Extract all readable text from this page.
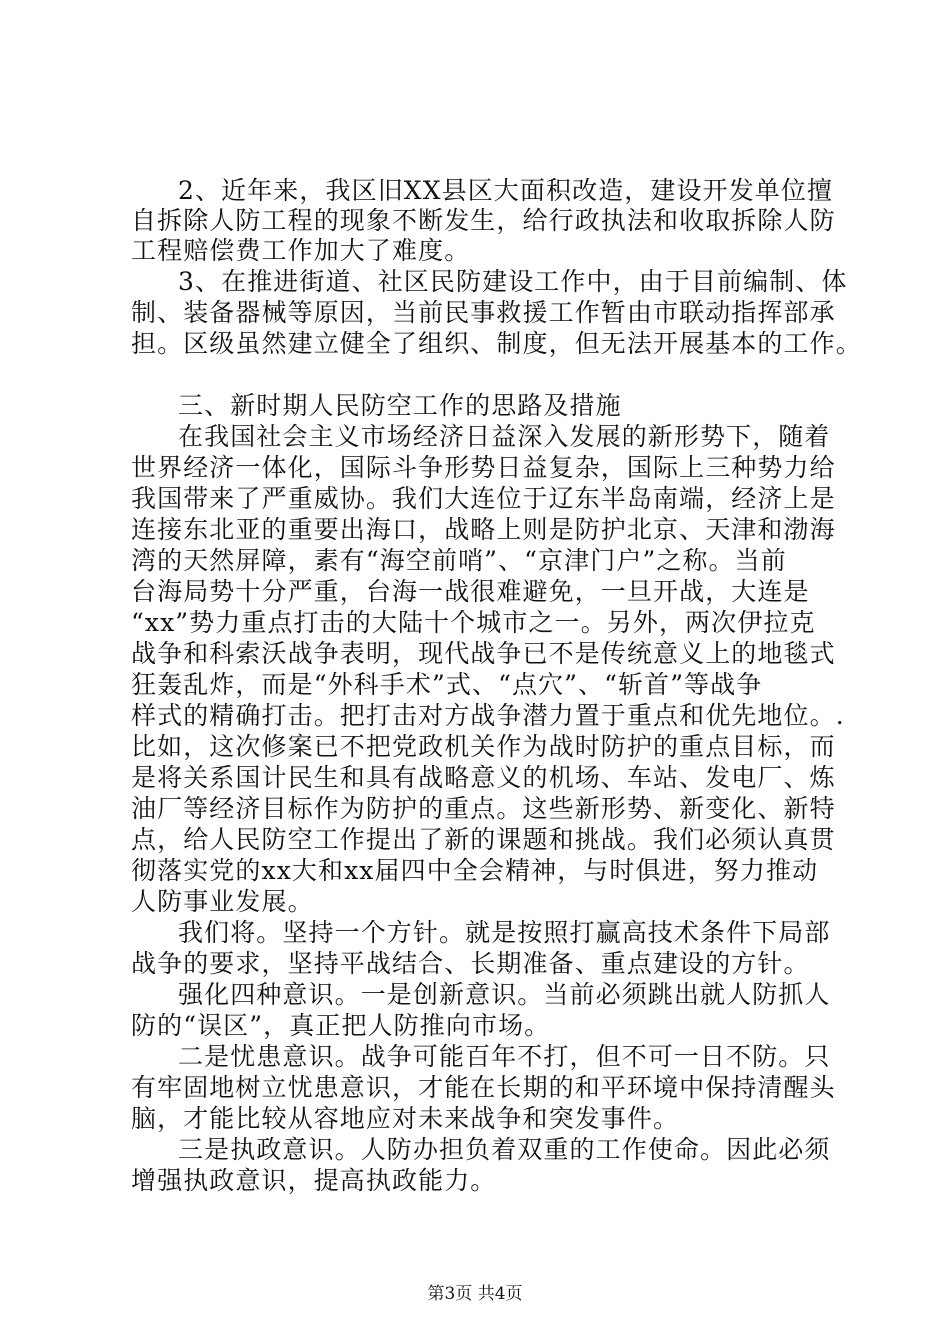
2、近年来，我区旧XX县区大面积改造，建设开发单位擅
自拆除人防工程的现象不断发生，给行政执法和收取拆除人防
工程赔偿费工作加大了难度。
3、在推进街道、社区民防建设工作中，由于目前编制、体
制、装备器械等原因，当前民事救援工作暂由市联动指挥部承
担。区级虽然建立健全了组织、制度，但无法开展基本的工作。
三、新时期人民防空工作的思路及措施
在我国社会主义市场经济日益深入发展的新形势下，随着
世界经济一体化，国际斗争形势日益复杂，国际上三种势力给
我国带来了严重威协。我们大连位于辽东半岛南端，经济上是
连接东北亚的重要出海口，战略上则是防护北京、天津和渤海
湾的天然屏障，素有“海空前哨”、“京津门户”之称。当前
台海局势十分严重，台海一战很难避免，一旦开战，大连是
“xx”势力重点打击的大陆十个城市之一。另外，两次伊拉克
战争和科索沃战争表明，现代战争已不是传统意义上的地毯式
狂轰乱炸，而是“外科手术”式、“点穴”、“斩首”等战争
样式的精确打击。把打击对方战争潜力置于重点和优先地位。.
比如，这次修案已不把党政机关作为战时防护的重点目标，而
是将关系国计民生和具有战略意义的机场、车站、发电厂、炼
油厂等经济目标作为防护的重点。这些新形势、新变化、新特
点，给人民防空工作提出了新的课题和挑战。我们必须认真贯
彻落实党的xx大和xx届四中全会精神，与时俱进，努力推动
人防事业发展。
我们将。坚持一个方针。就是按照打赢高技术条件下局部
战争的要求，坚持平战结合、长期准备、重点建设的方针。
强化四种意识。一是创新意识。当前必须跳出就人防抓人
防的“误区”，真正把人防推向市场。
二是忧患意识。战争可能百年不打，但不可一日不防。只
有牢固地树立忧患意识，才能在长期的和平环境中保持清醒头
脑，才能比较从容地应对未来战争和突发事件。
三是执政意识。人防办担负着双重的工作使命。因此必须
增强执政意识，提高执政能力。
第3页 共4页
